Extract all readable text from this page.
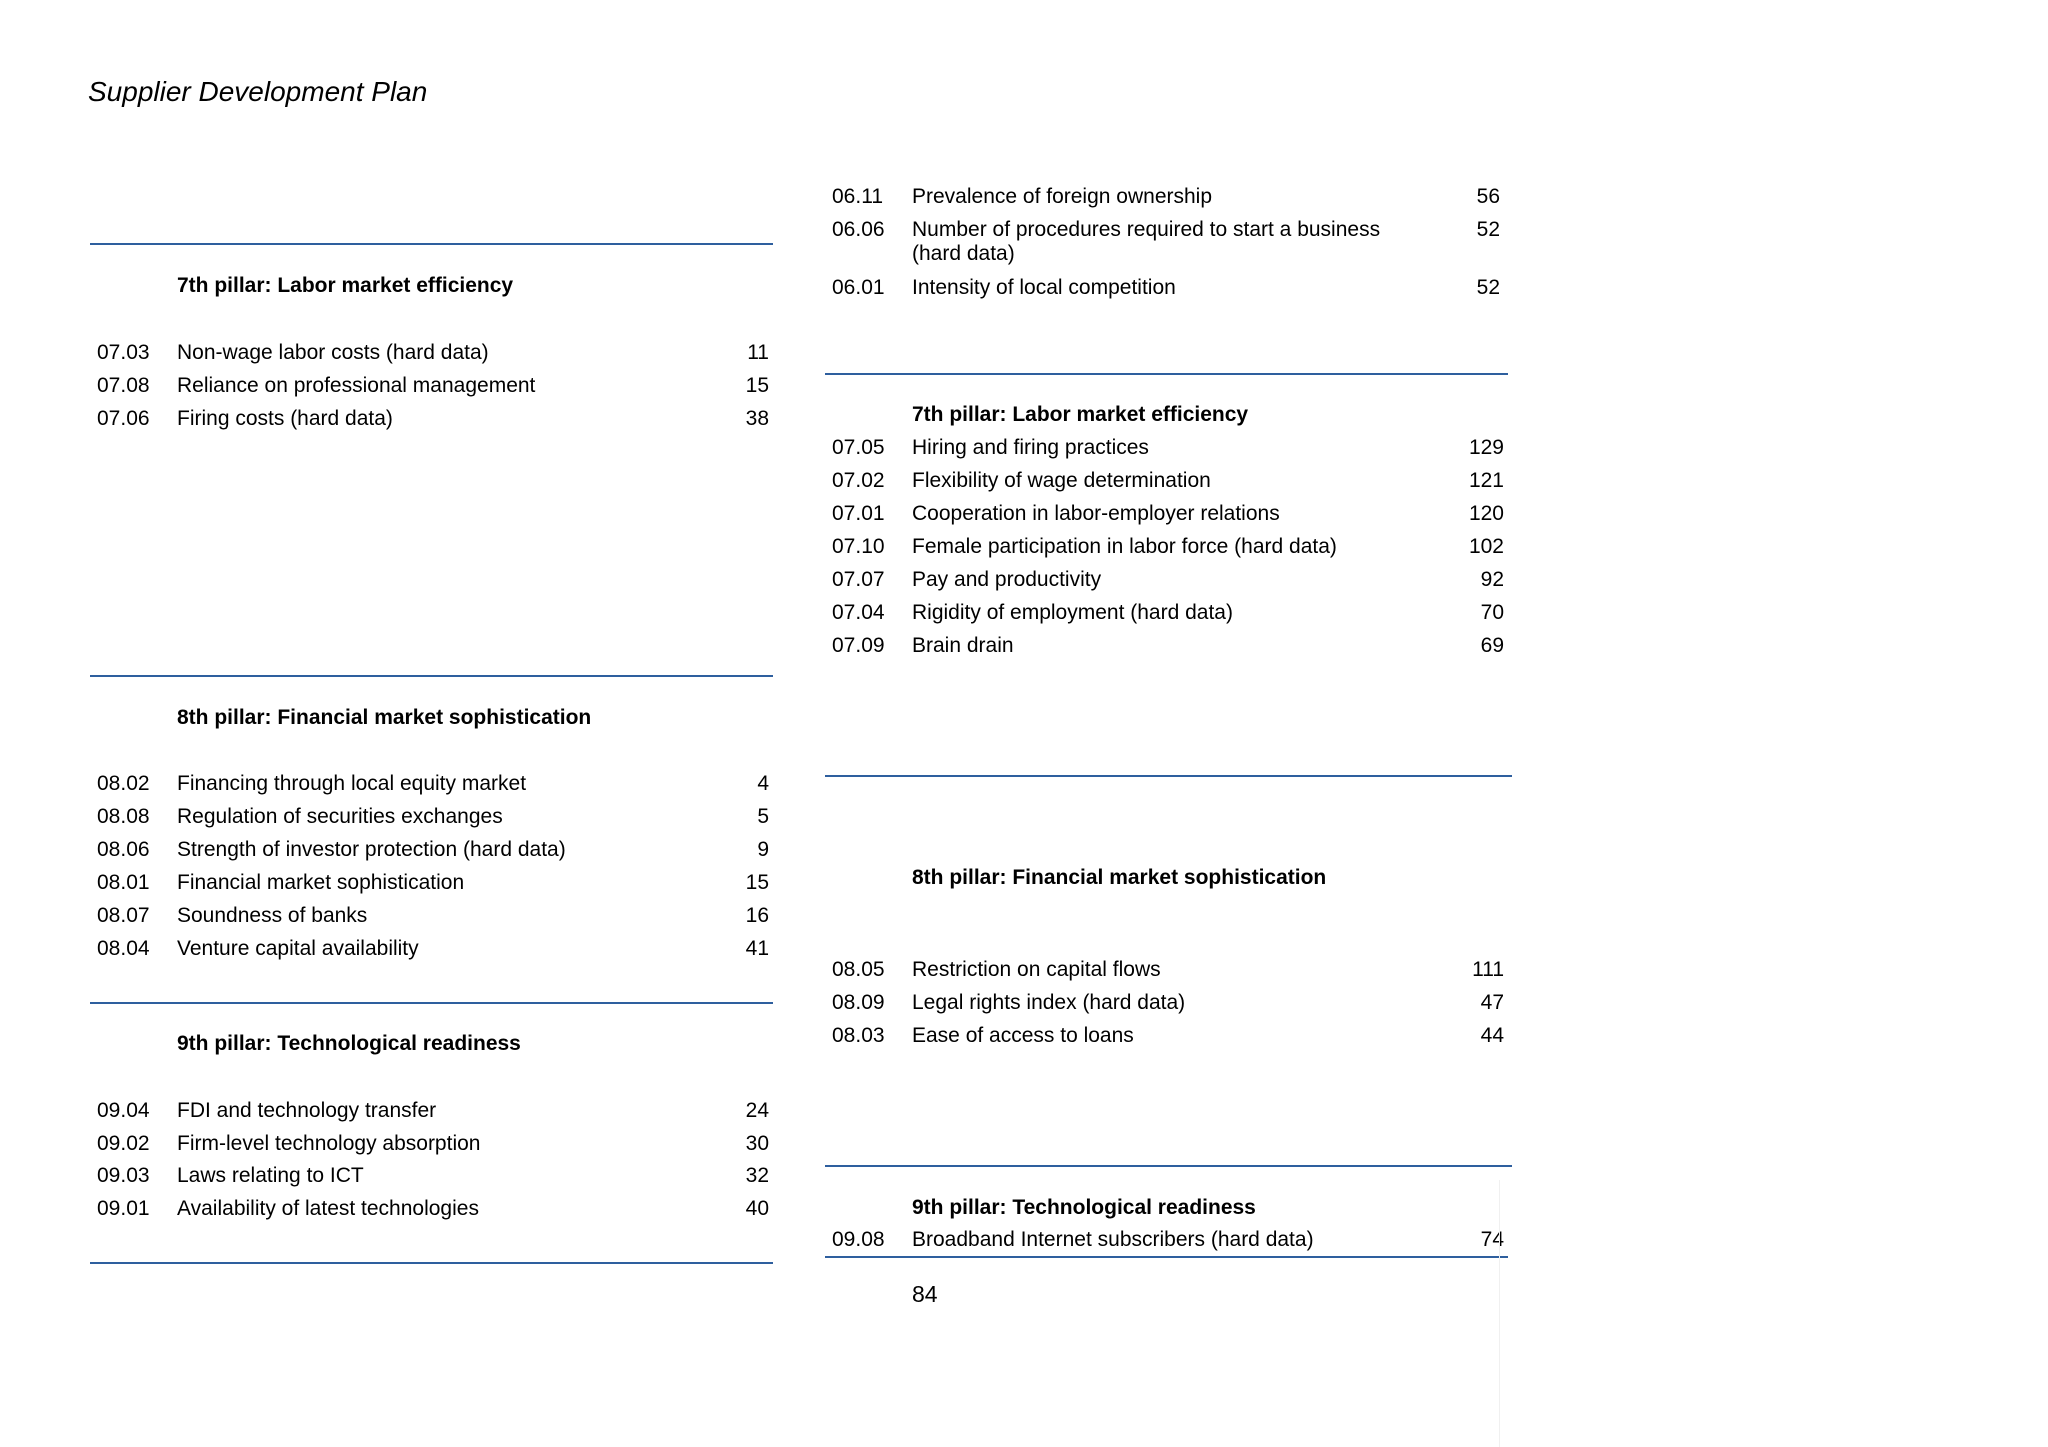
Supplier Development Plan
7th pillar: Labor market efficiency
07.03 Non-wage labor costs (hard data)	11
07.08 Reliance on professional management	15
07.06 Firing costs (hard data)	38
8th pillar: Financial market sophistication
08.02 Financing through local equity market	4
08.08 Regulation of securities exchanges	5
08.06 Strength of investor protection (hard data)	9
08.01 Financial market sophistication	15
08.07 Soundness of banks	16
08.04 Venture capital availability	41
9th pillar: Technological readiness
09.04 FDI and technology transfer	24
09.02 Firm-level technology absorption	30
09.03 Laws relating to ICT	32
09.01 Availability of latest technologies	40
06.11 Prevalence of foreign ownership	56
06.06 Number of procedures required to start a business (hard data)
52
06.01 Intensity of local competition	52
7th pillar: Labor market efficiency
07.05 Hiring and firing practices	129
07.02 Flexibility of wage determination	121
07.01 Cooperation in labor-employer relations	120
07.10 Female participation in labor force (hard data)	102
07.07 Pay and productivity	92
07.04 Rigidity of employment (hard data)	70
07.09 Brain drain	69
8th pillar: Financial market sophistication
08.05 Restriction on capital flows	111
08.09 Legal rights index (hard data)	47
08.03 Ease of access to loans	44
9th pillar: Technological readiness
09.08 Broadband Internet subscribers (hard data)	74
84
